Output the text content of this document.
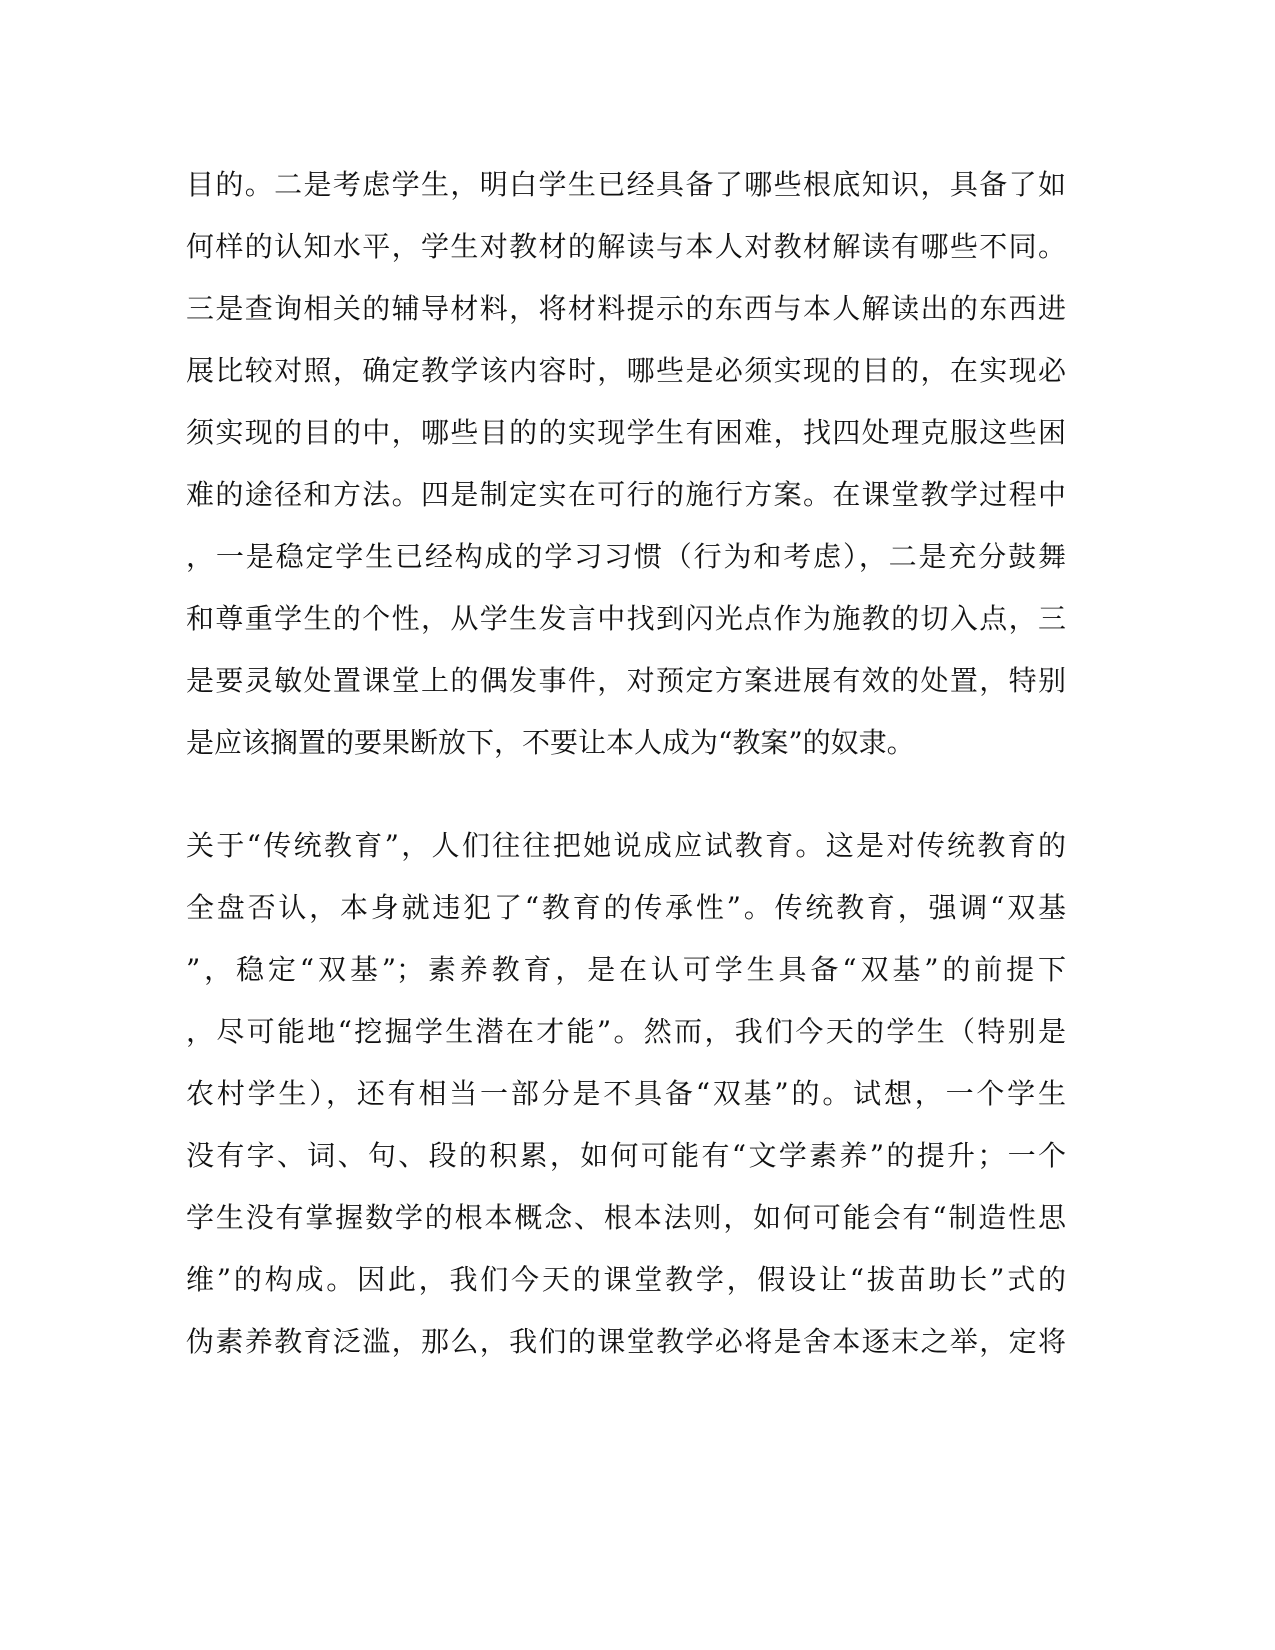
目的。二是考虑学生，明白学生已经具备了哪些根底知识，具备了如
何样的认知水平，学生对教材的解读与本人对教材解读有哪些不同。
三是查询相关的辅导材料，将材料提示的东西与本人解读出的东西进
展比较对照，确定教学该内容时，哪些是必须实现的目的，在实现必
须实现的目的中，哪些目的的实现学生有困难，找四处理克服这些困
难的途径和方法。四是制定实在可行的施行方案。在课堂教学过程中
，一是稳定学生已经构成的学习习惯（行为和考虑），二是充分鼓舞
和尊重学生的个性，从学生发言中找到闪光点作为施教的切入点，三
是要灵敏处置课堂上的偶发事件，对预定方案进展有效的处置，特别
是应该搁置的要果断放下，不要让本人成为“教案”的奴隶。
关于“传统教育”，人们往往把她说成应试教育。这是对传统教育的
全盘否认，本身就违犯了“教育的传承性”。传统教育，强调“双基
”，稳定“双基”；素养教育，是在认可学生具备“双基”的前提下
，尽可能地“挖掘学生潜在才能”。然而，我们今天的学生（特别是
农村学生），还有相当一部分是不具备“双基”的。试想，一个学生
没有字、词、句、段的积累，如何可能有“文学素养”的提升；一个
学生没有掌握数学的根本概念、根本法则，如何可能会有“制造性思
维”的构成。因此，我们今天的课堂教学，假设让“拔苗助长”式的
伪素养教育泛滥，那么，我们的课堂教学必将是舍本逐末之举，定将
